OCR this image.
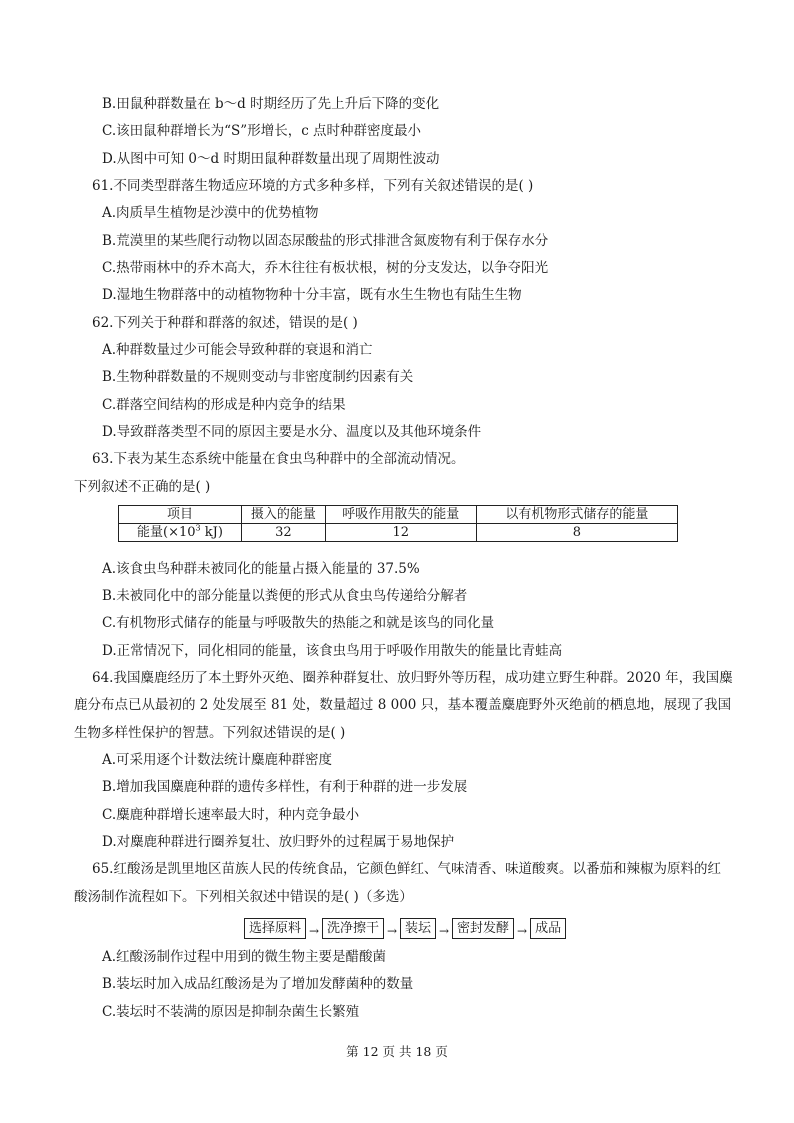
B.田鼠种群数量在 b～d 时期经历了先上升后下降的变化
C.该田鼠种群增长为“S”形增长，c 点时种群密度最小
D.从图中可知 0～d 时期田鼠种群数量出现了周期性波动
61.不同类型群落生物适应环境的方式多种多样，下列有关叙述错误的是( )
A.肉质旱生植物是沙漠中的优势植物
B.荒漠里的某些爬行动物以固态尿酸盐的形式排泄含氮废物有利于保存水分
C.热带雨林中的乔木高大，乔木往往有板状根，树的分支发达，以争夺阳光
D.湿地生物群落中的动植物物种十分丰富，既有水生生物也有陆生生物
62.下列关于种群和群落的叙述，错误的是( )
A.种群数量过少可能会导致种群的衰退和消亡
B.生物种群数量的不规则变动与非密度制约因素有关
C.群落空间结构的形成是种内竞争的结果
D.导致群落类型不同的原因主要是水分、温度以及其他环境条件
63.下表为某生态系统中能量在食虫鸟种群中的全部流动情况。
下列叙述不正确的是( )
项目	摄入的能量	呼吸作用散失的能量	以有机物形式储存的能量
能量($\times 10^3$ kJ)	32	12	8
A.该食虫鸟种群未被同化的能量占摄入能量的 37.5%
B.未被同化中的部分能量以粪便的形式从食虫鸟传递给分解者
C.有机物形式储存的能量与呼吸散失的热能之和就是该鸟的同化量
D.正常情况下，同化相同的能量，该食虫鸟用于呼吸作用散失的能量比青蛙高
64.我国麋鹿经历了本土野外灭绝、圈养种群复壮、放归野外等历程，成功建立野生种群。2020 年，我国麋
鹿分布点已从最初的 2 处发展至 81 处，数量超过 8 000 只，基本覆盖麋鹿野外灭绝前的栖息地，展现了我国
生物多样性保护的智慧。下列叙述错误的是( )
A.可采用逐个计数法统计麋鹿种群密度
B.增加我国麋鹿种群的遗传多样性，有利于种群的进一步发展
C.麋鹿种群增长速率最大时，种内竞争最小
D.对麋鹿种群进行圈养复壮、放归野外的过程属于易地保护
65.红酸汤是凯里地区苗族人民的传统食品，它颜色鲜红、气味清香、味道酸爽。以番茄和辣椒为原料的红
酸汤制作流程如下。下列相关叙述中错误的是( )（多选）
选择原料 → 洗净擦干 → 装坛 → 密封发酵 → 成品
A.红酸汤制作过程中用到的微生物主要是醋酸菌
B.装坛时加入成品红酸汤是为了增加发酵菌种的数量
C.装坛时不装满的原因是抑制杂菌生长繁殖
第 12 页 共 18 页
